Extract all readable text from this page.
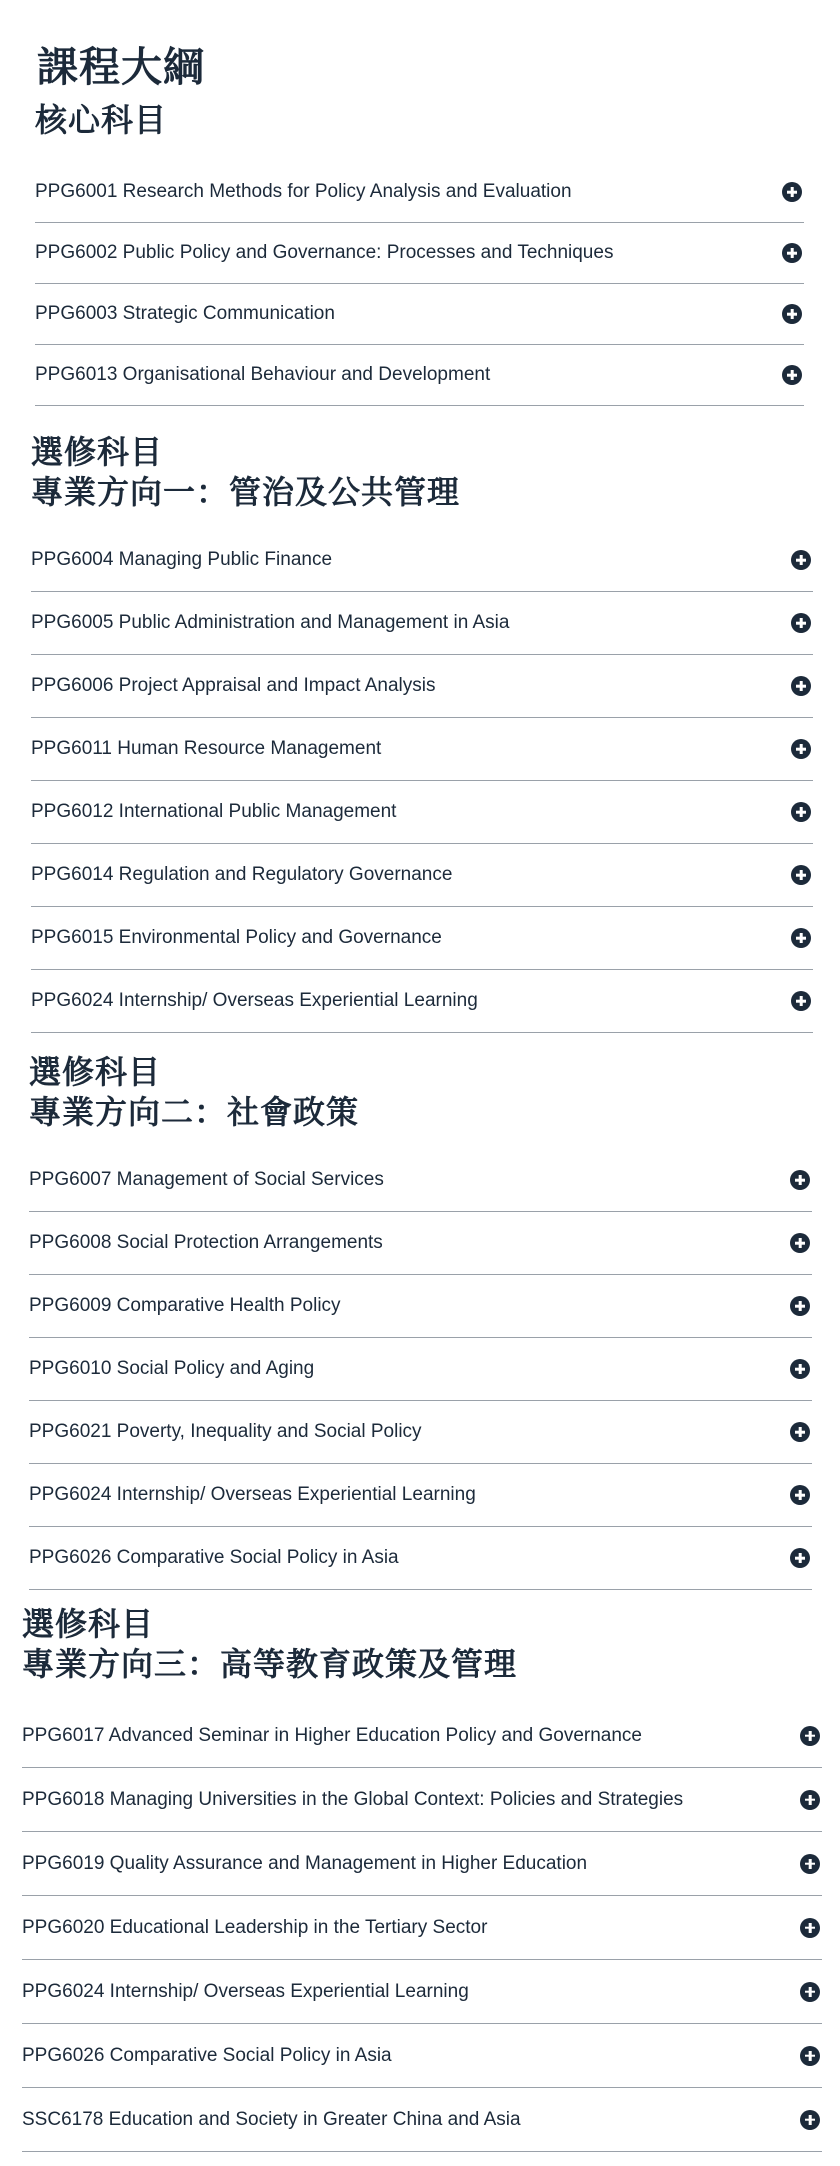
課程大綱
核心科目
PPG6001 Research Methods for Policy Analysis and Evaluation
PPG6002 Public Policy and Governance: Processes and Techniques
PPG6003 Strategic Communication
PPG6013 Organisational Behaviour and Development
選修科目
專業方向一：管治及公共管理
PPG6004 Managing Public Finance
PPG6005 Public Administration and Management in Asia
PPG6006 Project Appraisal and Impact Analysis
PPG6011 Human Resource Management
PPG6012 International Public Management
PPG6014 Regulation and Regulatory Governance
PPG6015 Environmental Policy and Governance
PPG6024 Internship/ Overseas Experiential Learning
選修科目
專業方向二：社會政策
PPG6007 Management of Social Services
PPG6008 Social Protection Arrangements
PPG6009 Comparative Health Policy
PPG6010 Social Policy and Aging
PPG6021 Poverty, Inequality and Social Policy
PPG6024 Internship/ Overseas Experiential Learning
PPG6026 Comparative Social Policy in Asia
選修科目
專業方向三：高等教育政策及管理
PPG6017 Advanced Seminar in Higher Education Policy and Governance
PPG6018 Managing Universities in the Global Context: Policies and Strategies
PPG6019 Quality Assurance and Management in Higher Education
PPG6020 Educational Leadership in the Tertiary Sector
PPG6024 Internship/ Overseas Experiential Learning
PPG6026 Comparative Social Policy in Asia
SSC6178 Education and Society in Greater China and Asia
